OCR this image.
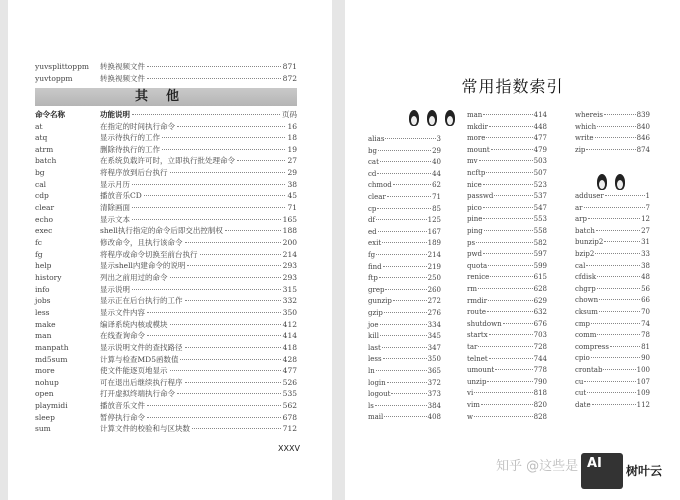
yuvsplittoppm	转换视频文件	871
yuvtoppm	转换视频文件	872
其他
命令名称	功能说明	页码
at	在指定的时间执行命令	16
atq	显示待执行的工作	18
atrm	删除待执行的工作	19
batch	在系统负载许可时，立即执行批处理命令	27
bg	将程序放到后台执行	29
cal	显示月历	38
cdp	播放音乐CD	45
clear	清除画面	71
echo	显示文本	165
exec	shell执行指定的命令后即交出控制权	188
fc	修改命令，且执行该命令	200
fg	将程序或命令切换至前台执行	214
help	显示shell内建命令的说明	293
history	列出之前用过的命令	293
info	显示说明	315
jobs	显示正在后台执行的工作	332
less	显示文件内容	350
make	编译系统内核或模块	412
man	在线查询命令	414
manpath	显示说明文件的查找路径	418
md5sum	计算与检查MD5函数值	428
more	使文件能逐页地显示	477
nohup	可在退出后继续执行程序	526
open	打开虚拟终端执行命令	535
playmidi	播放音乐文件	562
sleep	暂停执行命令	678
sum	计算文件的校验和与区块数	712
XXXV
常用指数索引
alias	3
bg	29
cat	40
cd	44
chmod	62
clear	71
cp	85
df	125
ed	167
exit	189
fg	214
find	219
ftp	250
grep	260
gunzip	272
gzip	276
joe	334
kill	345
last	347
less	350
ln	365
login	372
logout	373
ls	384
mail	408
man	414
mkdir	448
more	477
mount	479
mv	503
ncftp	507
nice	523
passwd	537
pico	547
pine	553
ping	558
ps	582
pwd	597
quota	599
renice	615
rm	628
rmdir	629
route	632
shutdown	676
startx	703
tar	728
telnet	744
umount	778
unzip	790
vi	818
vim	820
w	828
whereis	839
which	840
write	846
zip	874
adduser	1
ar	7
arp	12
batch	27
bunzip2	31
bzip2	33
cal	38
cfdisk	48
chgrp	56
chown	66
cksum	70
cmp	74
comm	78
compress	81
cpio	90
crontab	100
cu	107
cut	109
date	112
知乎 @这些是 AI	树叶云
